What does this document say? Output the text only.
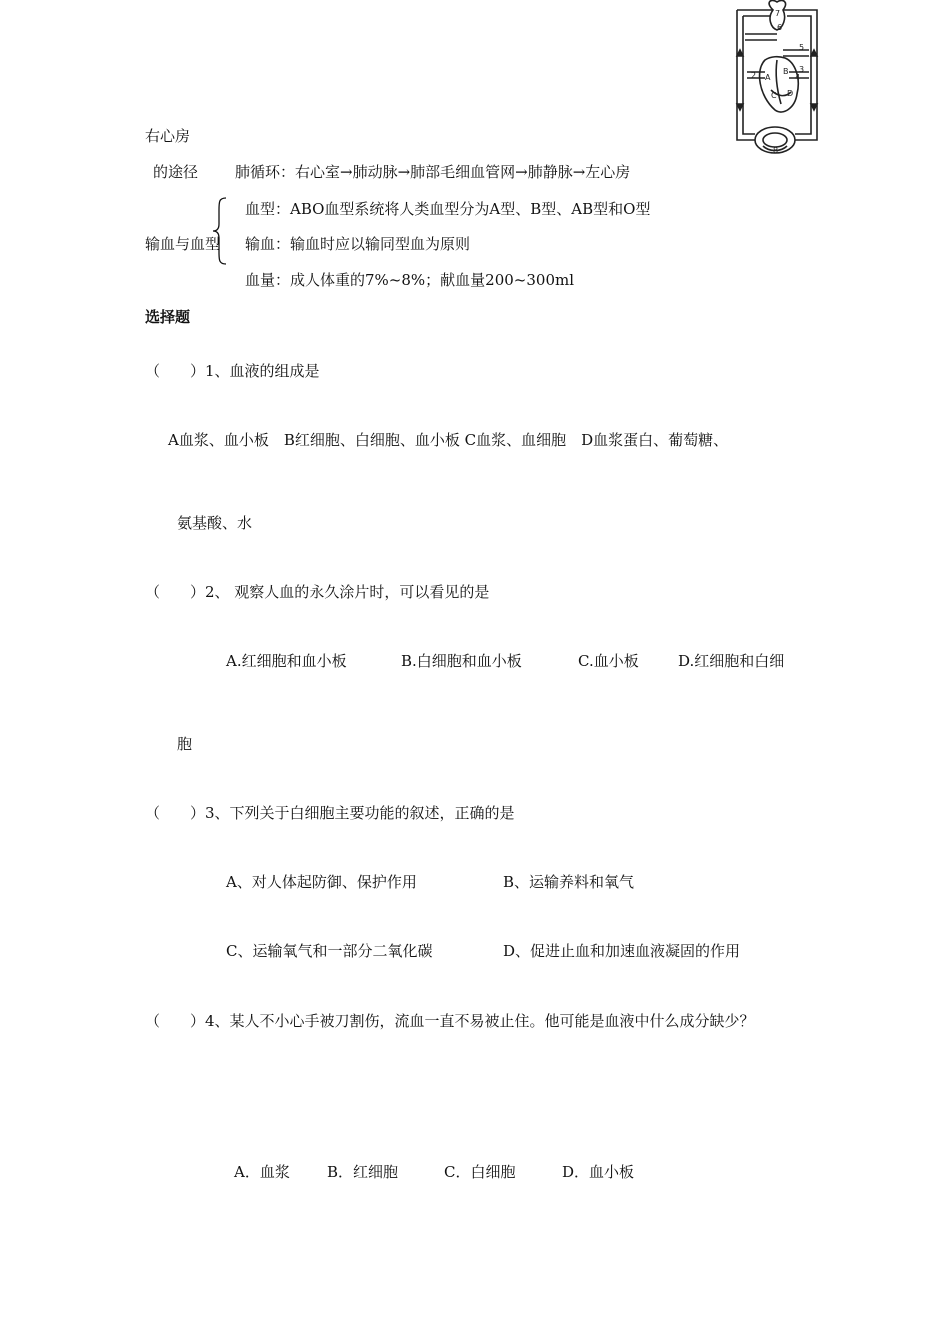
7
6
5
2 A
B 3
4
C D
8
右心房
的途径 肺循环：右心室→肺动脉→肺部毛细血管网→肺静脉→左心房
输血与血型
血型：ABO血型系统将人类血型分为A型、B型、AB型和O型
输血：输血时应以输同型血为原则
血量：成人体重的7%~8%；献血量200~300ml
选择题
（　　）1、血液的组成是
A血浆、血小板　B红细胞、白细胞、血小板 C血浆、血细胞　D血浆蛋白、葡萄糖、
氨基酸、水
（　　）2、 观察人血的永久涂片时，可以看见的是
A.红细胞和血小板	B.白细胞和血小板	C.血小板	D.红细胞和白细
胞
（　　）3、下列关于白细胞主要功能的叙述，正确的是
A、对人体起防御、保护作用	B、运输养料和氧气
C、运输氧气和一部分二氧化碳	D、促进止血和加速血液凝固的作用
（　　）4、某人不小心手被刀割伤，流血一直不易被止住。他可能是血液中什么成分缺少？
A．血浆 B．红细胞	C．白细胞	D．血小板
